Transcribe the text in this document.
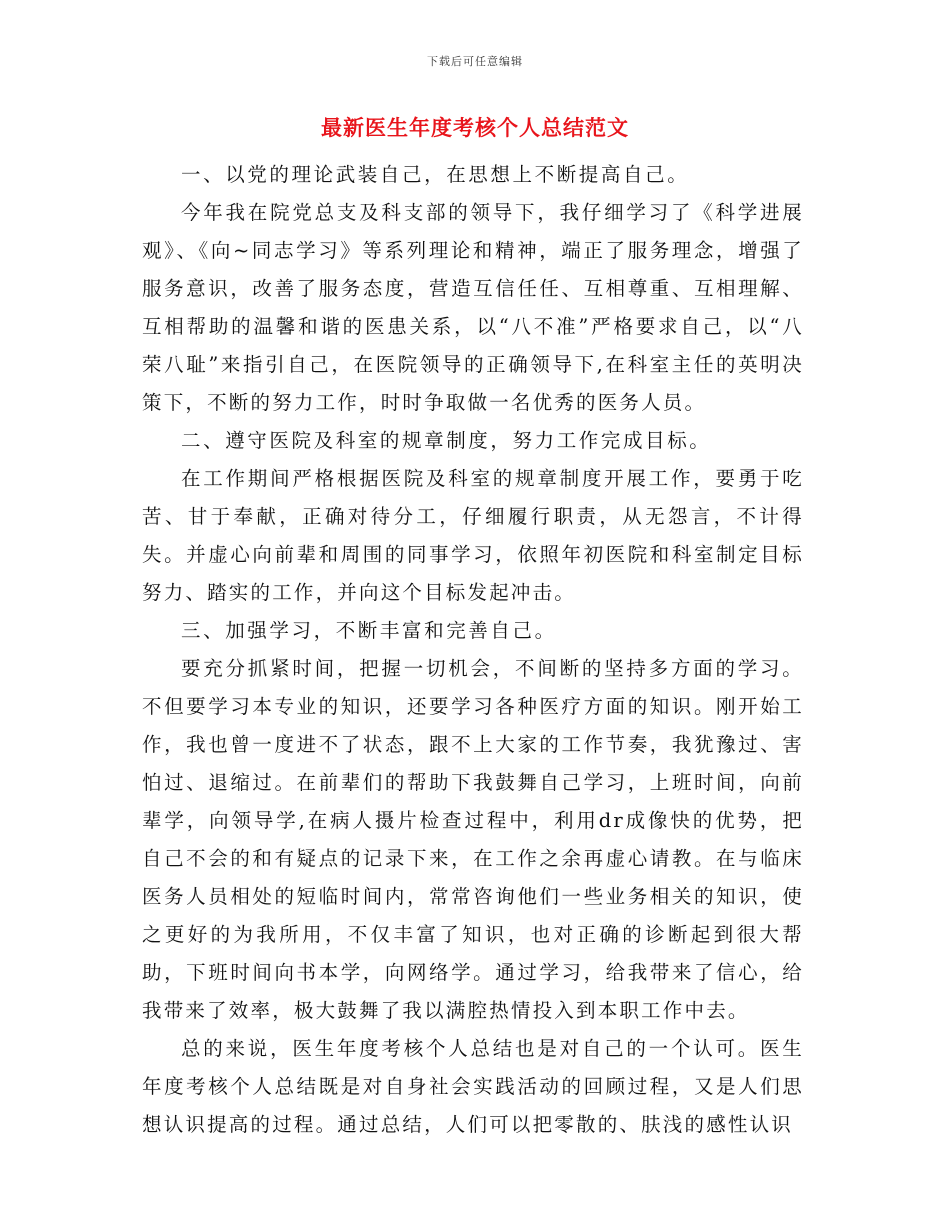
下载后可任意编辑
最新医生年度考核个人总结范文

一、以党的理论武装自己，在思想上不断提高自己。

今年我在院党总支及科支部的领导下，我仔细学习了《科学进展观》、《向~同志学习》等系列理论和精神，端正了服务理念，增强了服务意识，改善了服务态度，营造互信任任、互相尊重、互相理解、互相帮助的温馨和谐的医患关系，以“八不准”严格要求自己，以“八荣八耻”来指引自己，在医院领导的正确领导下,在科室主任的英明决策下，不断的努力工作，时时争取做一名优秀的医务人员。

二、遵守医院及科室的规章制度，努力工作完成目标。

在工作期间严格根据医院及科室的规章制度开展工作，要勇于吃苦、甘于奉献，正确对待分工，仔细履行职责，从无怨言，不计得失。并虚心向前辈和周围的同事学习，依照年初医院和科室制定目标努力、踏实的工作，并向这个目标发起冲击。

三、加强学习，不断丰富和完善自己。

要充分抓紧时间，把握一切机会，不间断的坚持多方面的学习。不但要学习本专业的知识，还要学习各种医疗方面的知识。刚开始工作，我也曾一度进不了状态，跟不上大家的工作节奏，我犹豫过、害怕过、退缩过。在前辈们的帮助下我鼓舞自己学习，上班时间，向前辈学，向领导学,在病人摄片检查过程中，利用dr成像快的优势，把自己不会的和有疑点的记录下来，在工作之余再虚心请教。在与临床医务人员相处的短临时间内，常常咨询他们一些业务相关的知识，使之更好的为我所用，不仅丰富了知识，也对正确的诊断起到很大帮助，下班时间向书本学，向网络学。通过学习，给我带来了信心，给我带来了效率，极大鼓舞了我以满腔热情投入到本职工作中去。

总的来说，医生年度考核个人总结也是对自己的一个认可。医生年度考核个人总结既是对自身社会实践活动的回顾过程，又是人们思想认识提高的过程。通过总结，人们可以把零散的、肤浅的感性认识
